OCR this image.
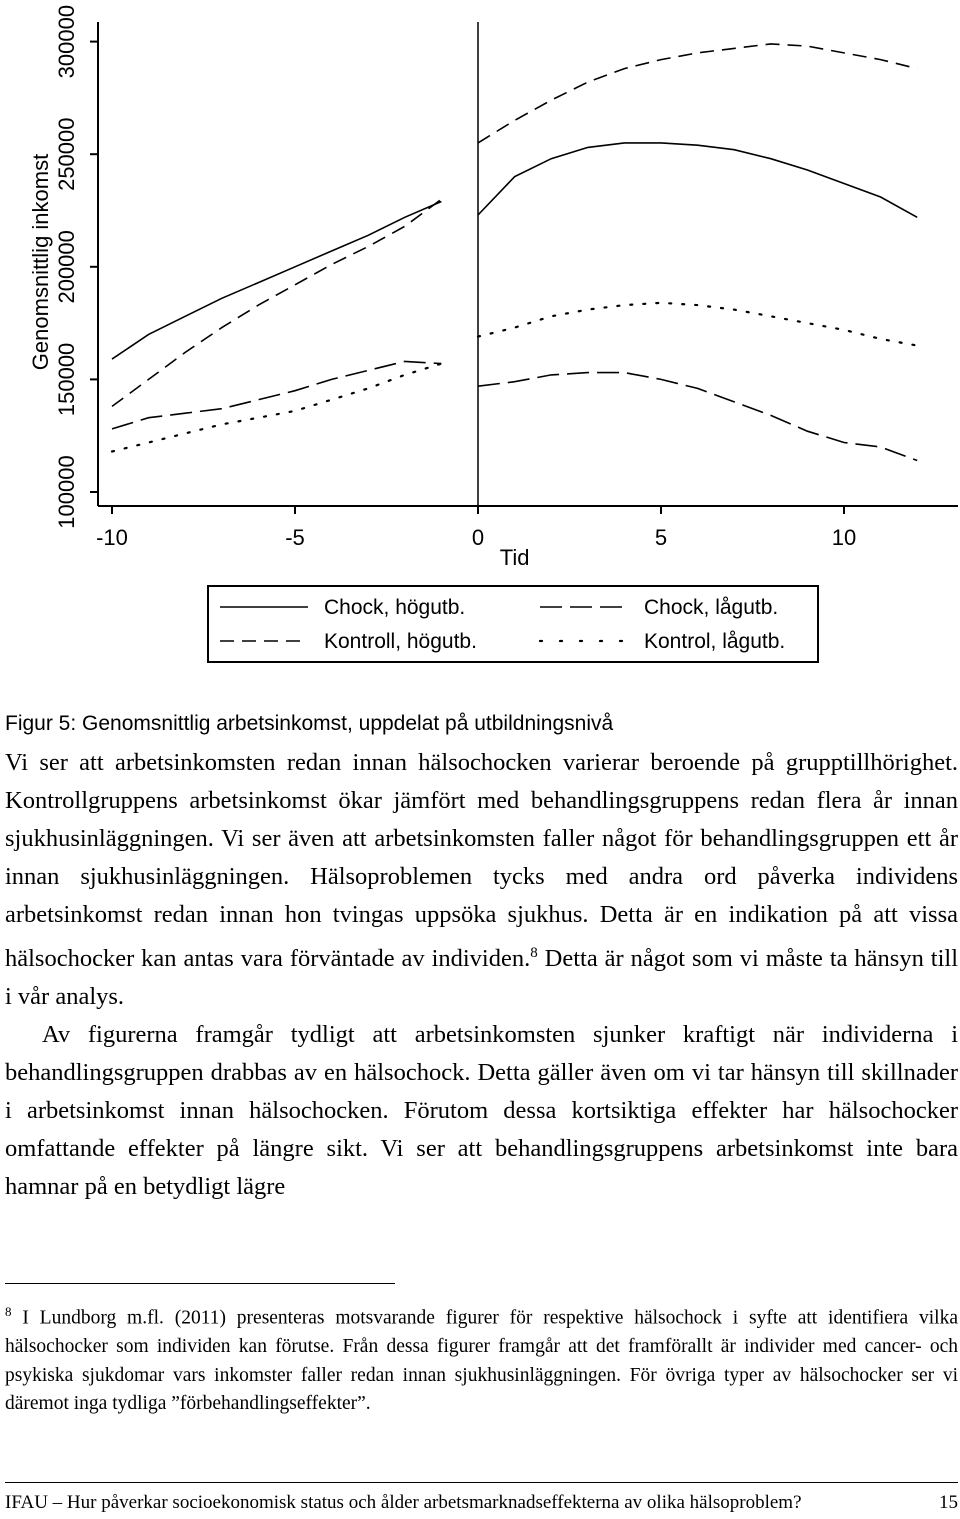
100000
150000
200000
250000
300000
-10	-5	0	5	10
Tid
Genomsnittlig inkomst
Chock, högutb.	Chock, lågutb.
Kontroll, högutb.	Kontrol, lågutb.
Figur 5: Genomsnittlig arbetsinkomst, uppdelat på utbildningsnivå

Vi ser att arbetsinkomsten redan innan hälsochocken varierar beroende på grupptillhörighet. Kontrollgruppens arbetsinkomst ökar jämfört med behandlingsgruppens redan flera år innan sjukhusinläggningen. Vi ser även att arbetsinkomsten faller något för behandlingsgruppen ett år innan sjukhusinläggningen. Hälsoproblemen tycks med andra ord påverka individens arbetsinkomst redan innan hon tvingas uppsöka sjukhus. Detta är en indikation på att vissa hälsochocker kan antas vara förväntade av individen.$^8$ Detta är något som vi måste ta hänsyn till i vår analys.

Av figurerna framgår tydligt att arbetsinkomsten sjunker kraftigt när individerna i behandlingsgruppen drabbas av en hälsochock. Detta gäller även om vi tar hänsyn till skillnader i arbetsinkomst innan hälsochocken. Förutom dessa kortsiktiga effekter har hälsochocker omfattande effekter på längre sikt. Vi ser att behandlingsgruppens arbetsinkomst inte bara hamnar på en betydligt lägre

$^8$ I Lundborg m.fl. (2011) presenteras motsvarande figurer för respektive hälsochock i syfte att identifiera vilka hälsochocker som individen kan förutse. Från dessa figurer framgår att det framförallt är individer med cancer- och psykiska sjukdomar vars inkomster faller redan innan sjukhusinläggningen. För övriga typer av hälsochocker ser vi däremot inga tydliga ”förbehandlingseffekter”.

IFAU – Hur påverkar socioekonomisk status och ålder arbetsmarknadseffekterna av olika hälsoproblem?	15
